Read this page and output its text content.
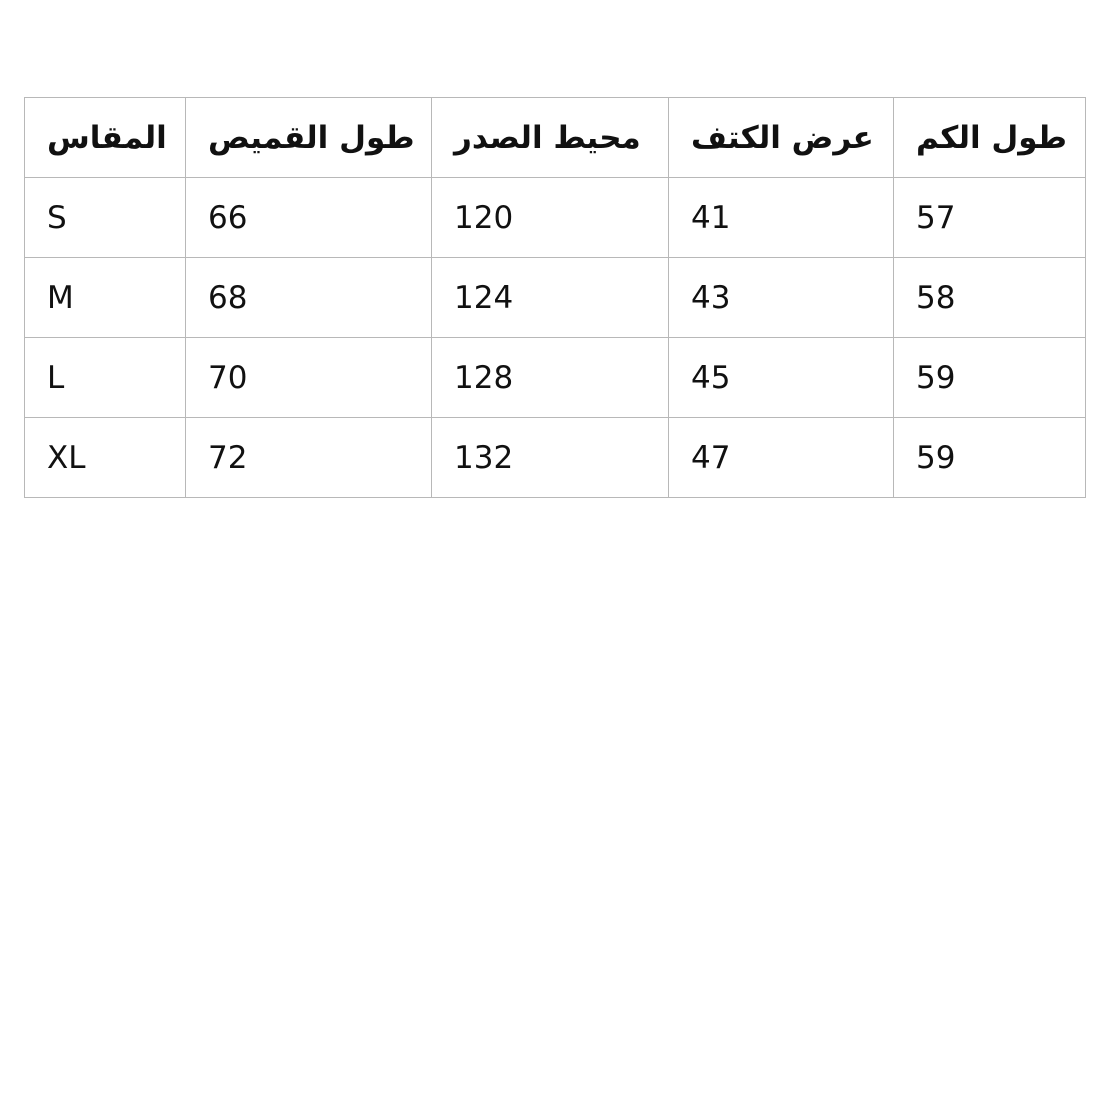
المقاس	طول القميص	محيط الصدر	عرض الكتف	طول الكم
S	66	120	41	57
M	68	124	43	58
L	70	128	45	59
XL	72	132	47	59
